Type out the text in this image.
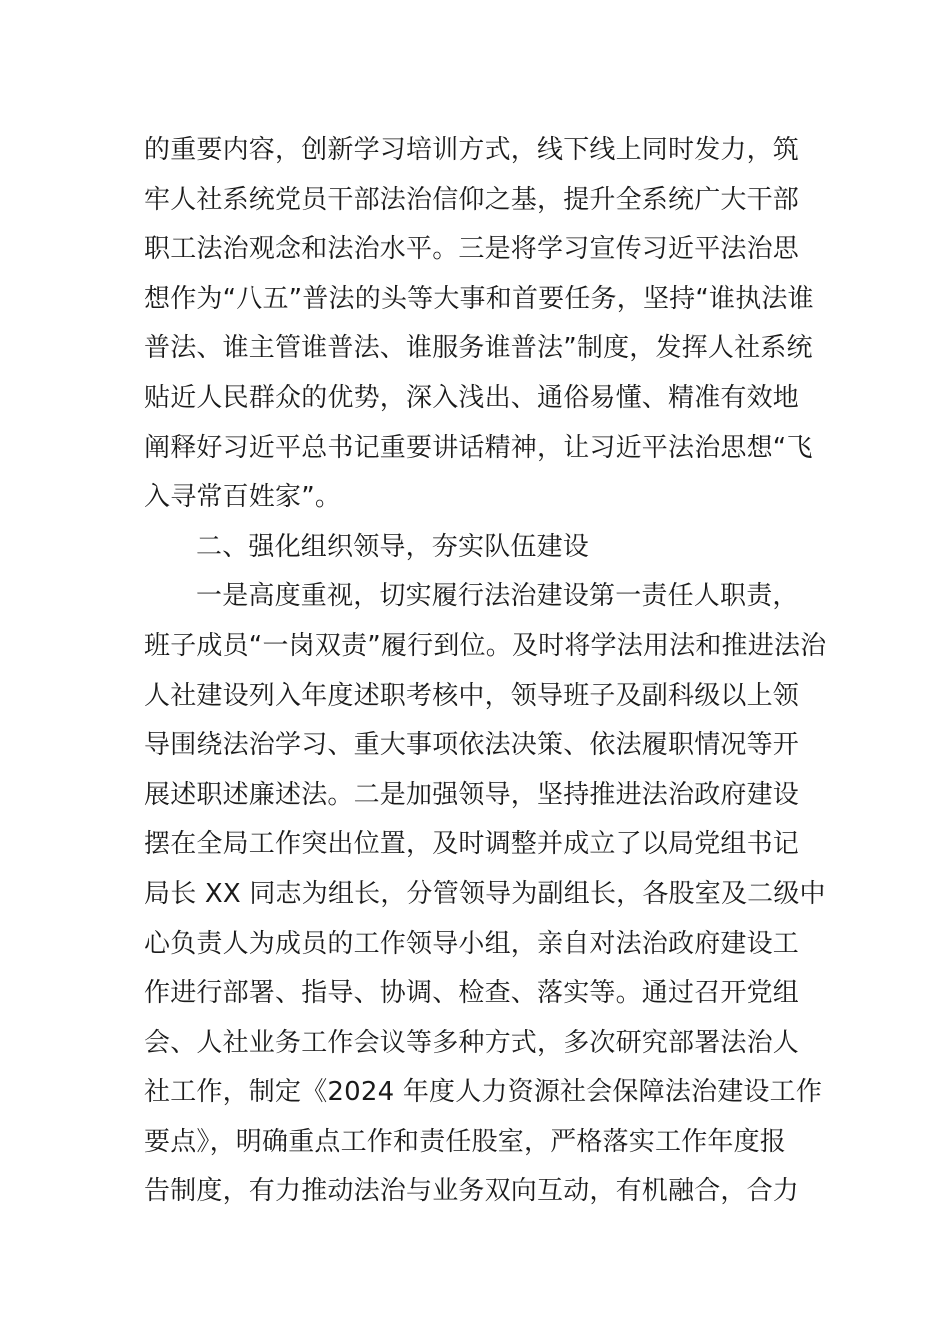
的重要内容，创新学习培训方式，线下线上同时发力，筑
牢人社系统党员干部法治信仰之基，提升全系统广大干部
职工法治观念和法治水平。三是将学习宣传习近平法治思
想作为“八五”普法的头等大事和首要任务，坚持“谁执法谁
普法、谁主管谁普法、谁服务谁普法”制度，发挥人社系统
贴近人民群众的优势，深入浅出、通俗易懂、精准有效地
阐释好习近平总书记重要讲话精神，让习近平法治思想“飞
入寻常百姓家”。
二、强化组织领导，夯实队伍建设
一是高度重视，切实履行法治建设第一责任人职责，
班子成员“一岗双责”履行到位。及时将学法用法和推进法治
人社建设列入年度述职考核中，领导班子及副科级以上领
导围绕法治学习、重大事项依法决策、依法履职情况等开
展述职述廉述法。二是加强领导，坚持推进法治政府建设
摆在全局工作突出位置，及时调整并成立了以局党组书记
局长 XX 同志为组长，分管领导为副组长，各股室及二级中
心负责人为成员的工作领导小组，亲自对法治政府建设工
作进行部署、指导、协调、检查、落实等。通过召开党组
会、人社业务工作会议等多种方式，多次研究部署法治人
社工作，制定《2024 年度人力资源社会保障法治建设工作
要点》，明确重点工作和责任股室，严格落实工作年度报
告制度，有力推动法治与业务双向互动，有机融合，合力
